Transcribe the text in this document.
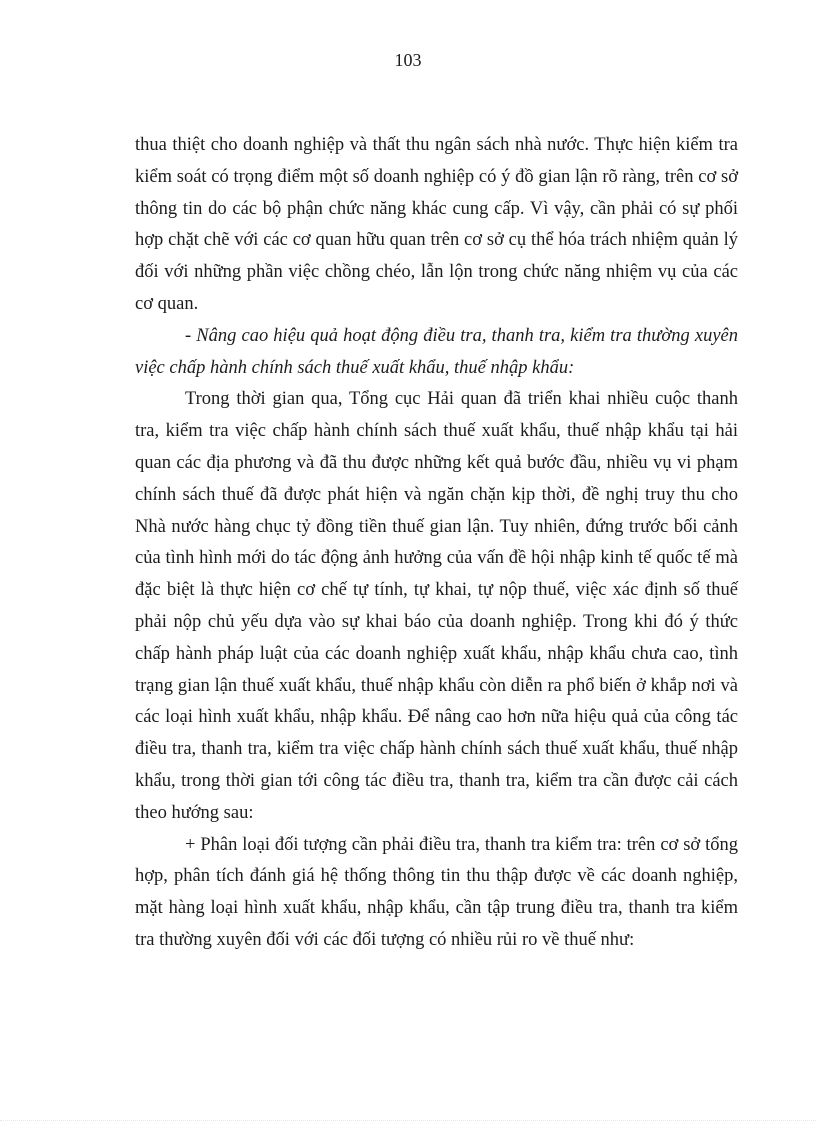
103

thua thiệt cho doanh nghiệp và thất thu ngân sách nhà nước. Thực hiện kiểm tra kiểm soát có trọng điểm một số doanh nghiệp có ý đồ gian lận rõ ràng, trên cơ sở thông tin do các bộ phận chức năng khác cung cấp. Vì vậy, cần phải có sự phối hợp chặt chẽ với các cơ quan hữu quan trên cơ sở cụ thể hóa trách nhiệm quản lý đối với những phần việc chồng chéo, lẫn lộn trong chức năng nhiệm vụ của các cơ quan.

- Nâng cao hiệu quả hoạt động điều tra, thanh tra, kiểm tra thường xuyên việc chấp hành chính sách thuế xuất khẩu, thuế nhập khẩu:

Trong thời gian qua, Tổng cục Hải quan đã triển khai nhiều cuộc thanh tra, kiểm tra việc chấp hành chính sách thuế xuất khẩu, thuế nhập khẩu tại hải quan các địa phương và đã thu được những kết quả bước đầu, nhiều vụ vi phạm chính sách thuế đã được phát hiện và ngăn chặn kịp thời, đề nghị truy thu cho Nhà nước hàng chục tỷ đồng tiền thuế gian lận. Tuy nhiên, đứng trước bối cảnh của tình hình mới do tác động ảnh hưởng của vấn đề hội nhập kinh tế quốc tế mà đặc biệt là thực hiện cơ chế tự tính, tự khai, tự nộp thuế, việc xác định số thuế phải nộp chủ yếu dựa vào sự khai báo của doanh nghiệp. Trong khi đó ý thức chấp hành pháp luật của các doanh nghiệp xuất khẩu, nhập khẩu chưa cao, tình trạng gian lận thuế xuất khẩu, thuế nhập khẩu còn diễn ra phổ biến ở khắp nơi và các loại hình xuất khẩu, nhập khẩu. Để nâng cao hơn nữa hiệu quả của công tác điều tra, thanh tra, kiểm tra việc chấp hành chính sách thuế xuất khẩu, thuế nhập khẩu, trong thời gian tới công tác điều tra, thanh tra, kiểm tra cần được cải cách theo hướng sau:

+ Phân loại đối tượng cần phải điều tra, thanh tra kiểm tra: trên cơ sở tổng hợp, phân tích đánh giá hệ thống thông tin thu thập được về các doanh nghiệp, mặt hàng loại hình xuất khẩu, nhập khẩu, cần tập trung điều tra, thanh tra kiểm tra thường xuyên đối với các đối tượng có nhiều rủi ro về thuế như:
